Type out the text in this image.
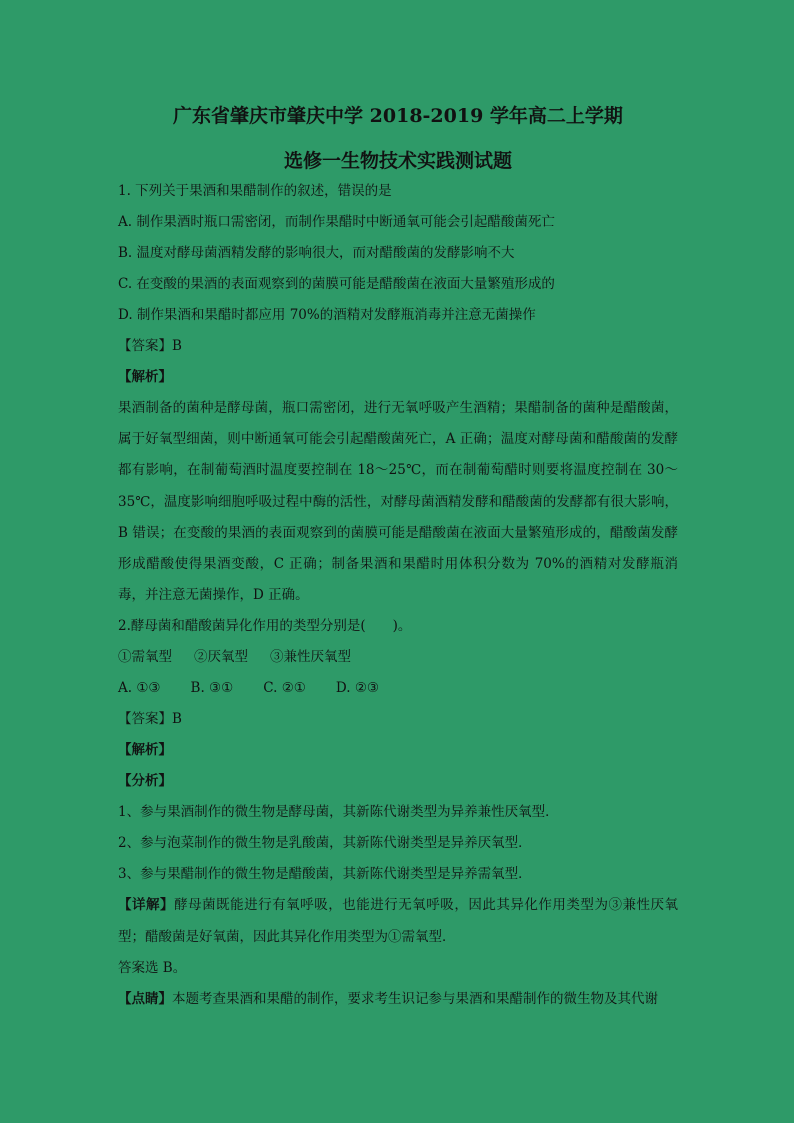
广东省肇庆市肇庆中学 2018-2019 学年高二上学期

选修一生物技术实践测试题

1. 下列关于果酒和果醋制作的叙述，错误的是

A. 制作果酒时瓶口需密闭，而制作果醋时中断通氧可能会引起醋酸菌死亡

B. 温度对酵母菌酒精发酵的影响很大，而对醋酸菌的发酵影响不大

C. 在变酸的果酒的表面观察到的菌膜可能是醋酸菌在液面大量繁殖形成的

D. 制作果酒和果醋时都应用 70%的酒精对发酵瓶消毒并注意无菌操作

【答案】B

【解析】

果酒制备的菌种是酵母菌，瓶口需密闭，进行无氧呼吸产生酒精；果醋制备的菌种是醋酸菌，属于好氧型细菌，则中断通氧可能会引起醋酸菌死亡，A 正确；温度对酵母菌和醋酸菌的发酵都有影响，在制葡萄酒时温度要控制在 18～25℃，而在制葡萄醋时则要将温度控制在 30～35℃，温度影响细胞呼吸过程中酶的活性，对酵母菌酒精发酵和醋酸菌的发酵都有很大影响，B 错误；在变酸的果酒的表面观察到的菌膜可能是醋酸菌在液面大量繁殖形成的，醋酸菌发酵形成醋酸使得果酒变酸，C 正确；制备果酒和果醋时用体积分数为 70%的酒精对发酵瓶消毒，并注意无菌操作，D 正确。

2.酵母菌和醋酸菌异化作用的类型分别是(　　)。

①需氧型 ②厌氧型 ③兼性厌氧型

A. ①③ B. ③① C. ②① D. ②③

【答案】B

【解析】

【分析】

1、参与果酒制作的微生物是酵母菌，其新陈代谢类型为异养兼性厌氧型．

2、参与泡菜制作的微生物是乳酸菌，其新陈代谢类型是异养厌氧型．

3、参与果醋制作的微生物是醋酸菌，其新陈代谢类型是异养需氧型．

【详解】酵母菌既能进行有氧呼吸，也能进行无氧呼吸，因此其异化作用类型为③兼性厌氧型；醋酸菌是好氧菌，因此其异化作用类型为①需氧型．

答案选 B。

【点睛】本题考查果酒和果醋的制作，要求考生识记参与果酒和果醋制作的微生物及其代谢
